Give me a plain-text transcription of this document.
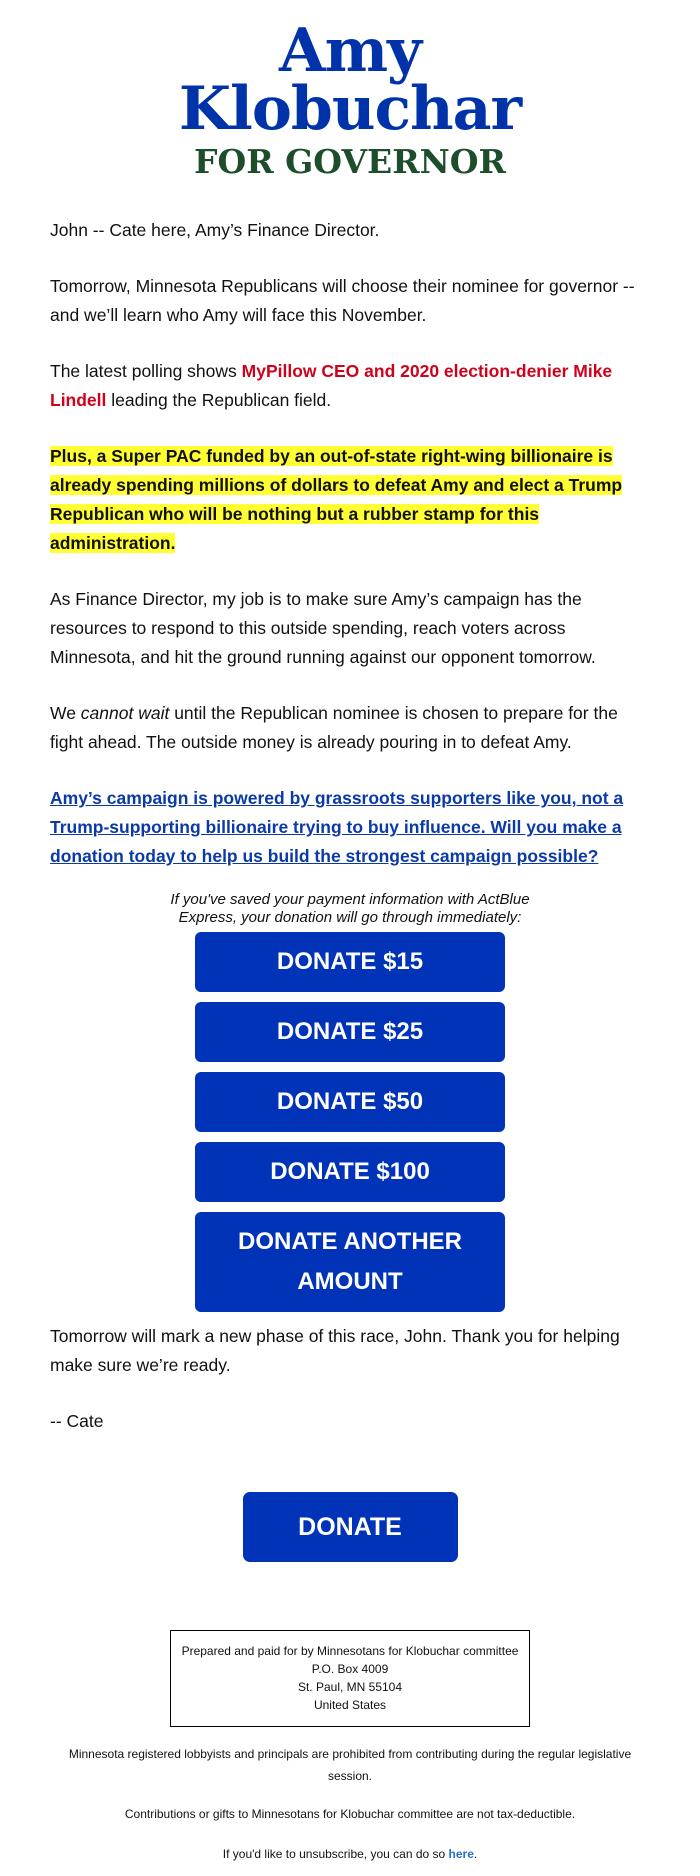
Amy
Klobuchar
FOR GOVERNOR

John -- Cate here, Amy’s Finance Director.

Tomorrow, Minnesota Republicans will choose their nominee for governor -- and we’ll learn who Amy will face this November.

The latest polling shows MyPillow CEO and 2020 election-denier Mike Lindell leading the Republican field.

Plus, a Super PAC funded by an out-of-state right-wing billionaire is already spending millions of dollars to defeat Amy and elect a Trump Republican who will be nothing but a rubber stamp for this administration.

As Finance Director, my job is to make sure Amy’s campaign has the resources to respond to this outside spending, reach voters across Minnesota, and hit the ground running against our opponent tomorrow.

We cannot wait until the Republican nominee is chosen to prepare for the fight ahead. The outside money is already pouring in to defeat Amy.

Amy’s campaign is powered by grassroots supporters like you, not a Trump-supporting billionaire trying to buy influence. Will you make a donation today to help us build the strongest campaign possible?

If you've saved your payment information with ActBlue
Express, your donation will go through immediately:
DONATE $15
DONATE $25
DONATE $50
DONATE $100
DONATE ANOTHER
AMOUNT

Tomorrow will mark a new phase of this race, John. Thank you for helping make sure we’re ready.

-- Cate

DONATE
Prepared and paid for by Minnesotans for Klobuchar committee
P.O. Box 4009
St. Paul, MN 55104
United States
Minnesota registered lobbyists and principals are prohibited from contributing during the regular legislative session.
Contributions or gifts to Minnesotans for Klobuchar committee are not tax-deductible.
If you'd like to unsubscribe, you can do so here.
